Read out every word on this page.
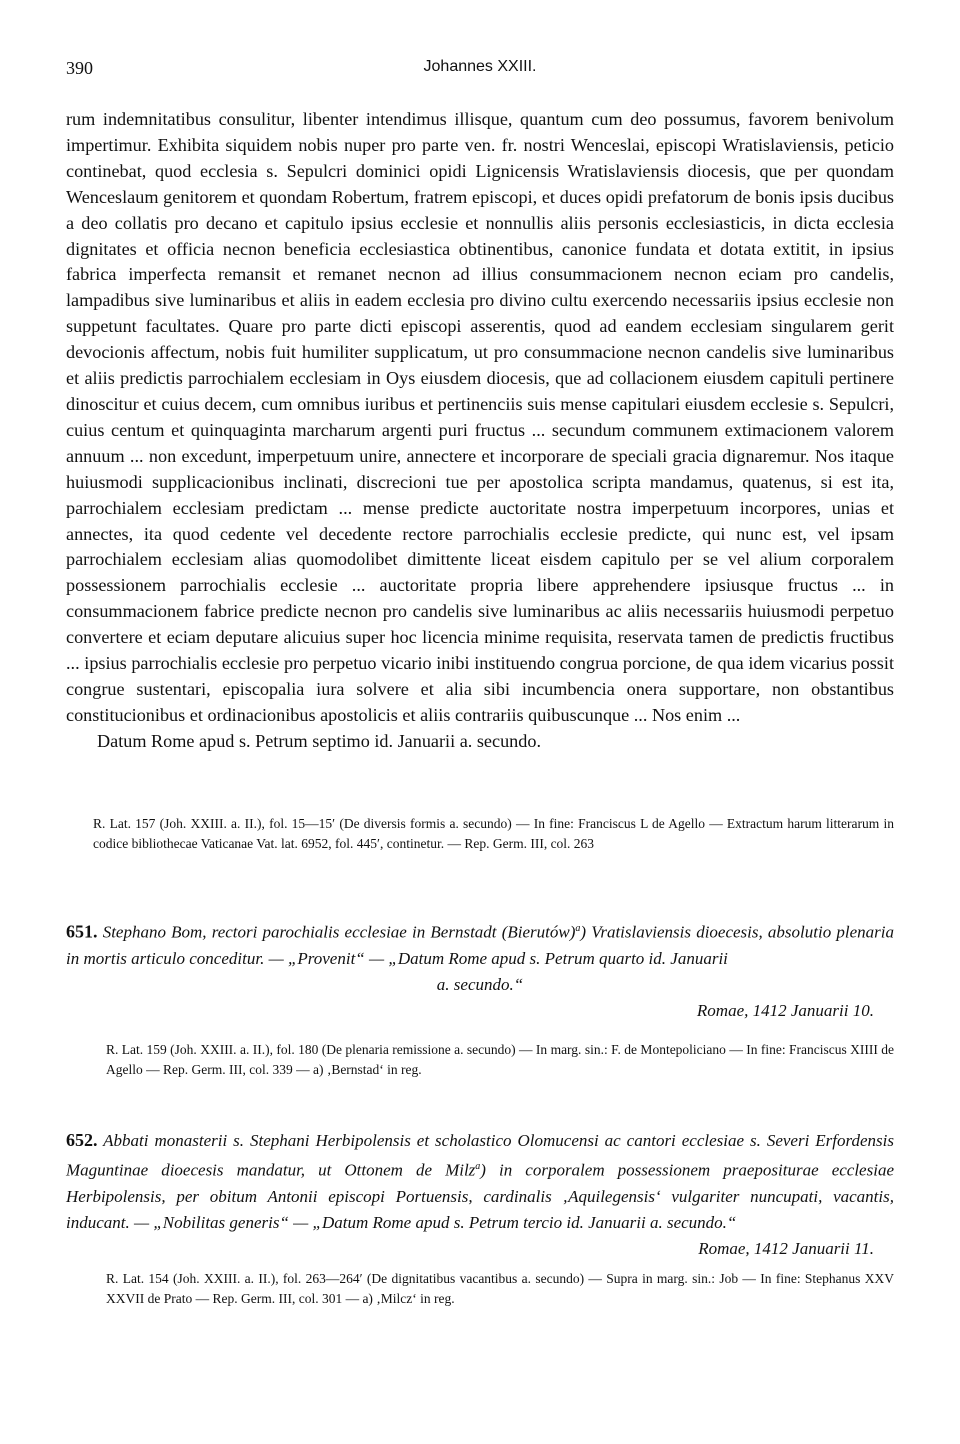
390	Johannes XXIII.
rum indemnitatibus consulitur, libenter intendimus illisque, quantum cum deo possumus, favorem benivolum impertimur. Exhibita siquidem nobis nuper pro parte ven. fr. nostri Wenceslai, episcopi Wratislaviensis, peticio continebat, quod ecclesia s. Sepulcri dominici opidi Lignicensis Wratislaviensis diocesis, que per quondam Wenceslaum genitorem et quondam Robertum, fratrem episcopi, et duces opidi prefatorum de bonis ipsis ducibus a deo collatis pro decano et capitulo ipsius ecclesie et nonnullis aliis personis ecclesiasticis, in dicta ecclesia dignitates et officia necnon beneficia ecclesiastica obtinentibus, canonice fundata et dotata extitit, in ipsius fabrica imperfecta remansit et remanet necnon ad illius consummacionem necnon eciam pro candelis, lampadibus sive luminaribus et aliis in eadem ecclesia pro divino cultu exercendo necessariis ipsius ecclesie non suppetunt facultates. Quare pro parte dicti episcopi asserentis, quod ad eandem ecclesiam singularem gerit devocionis affectum, nobis fuit humiliter supplicatum, ut pro consummacione necnon candelis sive luminaribus et aliis predictis parrochialem ecclesiam in Oys eiusdem diocesis, que ad collacionem eiusdem capituli pertinere dinoscitur et cuius decem, cum omnibus iuribus et pertinenciis suis mense capitulari eiusdem ecclesie s. Sepulcri, cuius centum et quinquaginta marcharum argenti puri fructus ... secundum communem extimacionem valorem annuum ... non excedunt, imperpetuum unire, annectere et incorporare de speciali gracia dignaremur. Nos itaque huiusmodi supplicacionibus inclinati, discrecioni tue per apostolica scripta mandamus, quatenus, si est ita, parrochialem ecclesiam predictam ... mense predicte auctoritate nostra imperpetuum incorpores, unias et annectes, ita quod cedente vel decedente rectore parrochialis ecclesie predicte, qui nunc est, vel ipsam parrochialem ecclesiam alias quomodolibet dimittente liceat eisdem capitulo per se vel alium corporalem possessionem parrochialis ecclesie ... auctoritate propria libere apprehendere ipsiusque fructus ... in consummacionem fabrice predicte necnon pro candelis sive luminaribus ac aliis necessariis huiusmodi perpetuo convertere et eciam deputare alicuius super hoc licencia minime requisita, reservata tamen de predictis fructibus ... ipsius parrochialis ecclesie pro perpetuo vicario inibi instituendo congrua porcione, de qua idem vicarius possit congrue sustentari, episcopalia iura solvere et alia sibi incumbencia onera supportare, non obstantibus constitucionibus et ordinacionibus apostolicis et aliis contrariis quibuscunque ... Nos enim ...
Datum Rome apud s. Petrum septimo id. Januarii a. secundo.
R. Lat. 157 (Joh. XXIII. a. II.), fol. 15—15′ (De diversis formis a. secundo) — In fine: Franciscus L de Agello — Extractum harum litterarum in codice bibliothecae Vaticanae Vat. lat. 6952, fol. 445′, continetur. — Rep. Germ. III, col. 263
651. Stephano Bom, rectori parochialis ecclesiae in Bernstadt (Bierutów)$^a$) Vratislaviensis dioecesis, absolutio plenaria in mortis articulo conceditur. — „Provenit“ — „Datum Rome apud s. Petrum quarto id. Januarii
a. secundo.“
Romae, 1412 Januarii 10.
R. Lat. 159 (Joh. XXIII. a. II.), fol. 180 (De plenaria remissione a. secundo) — In marg. sin.: F. de Montepoliciano — In fine: Franciscus XIIII de Agello — Rep. Germ. III, col. 339 — a) ‚Bernstad‘ in reg.
652. Abbati monasterii s. Stephani Herbipolensis et scholastico Olomucensi ac cantori ecclesiae s. Severi Erfordensis Maguntinae dioecesis mandatur, ut Ottonem de Milz$^a$) in corporalem possessionem praepositurae ecclesiae Herbipolensis, per obitum Antonii episcopi Portuensis, cardinalis ‚Aquilegensis‘ vulgariter nuncupati, vacantis, inducant. — „Nobilitas generis“ — „Datum Rome apud s. Petrum tercio id. Januarii a. secundo.“
Romae, 1412 Januarii 11.
R. Lat. 154 (Joh. XXIII. a. II.), fol. 263—264′ (De dignitatibus vacantibus a. secundo) — Supra in marg. sin.: Job — In fine: Stephanus XXV XXVII de Prato — Rep. Germ. III, col. 301 — a) ‚Milcz‘ in reg.
